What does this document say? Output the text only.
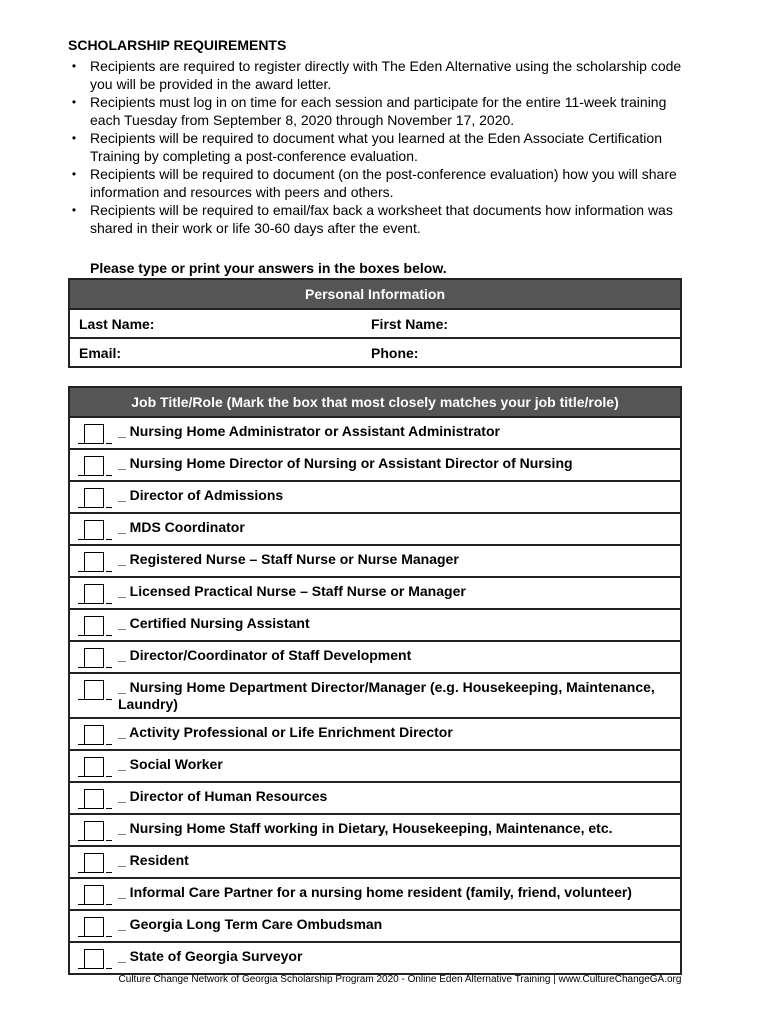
SCHOLARSHIP REQUIREMENTS
• Recipients are required to register directly with The Eden Alternative using the scholarship code you will be provided in the award letter.
• Recipients must log in on time for each session and participate for the entire 11-week training each Tuesday from September 8, 2020 through November 17, 2020.
• Recipients will be required to document what you learned at the Eden Associate Certification Training by completing a post-conference evaluation.
• Recipients will be required to document (on the post-conference evaluation) how you will share information and resources with peers and others.
• Recipients will be required to email/fax back a worksheet that documents how information was shared in their work or life 30-60 days after the event.
Please type or print your answers in the boxes below.
Personal Information	
Last Name:	First Name:
Email:	Phone:
Job Title/Role (Mark the box that most closely matches your job title/role)

_ Nursing Home Administrator or Assistant Administrator

_ Nursing Home Director of Nursing or Assistant Director of Nursing

_ Director of Admissions

_ MDS Coordinator

_ Registered Nurse – Staff Nurse or Nurse Manager

_ Licensed Practical Nurse – Staff Nurse or Manager

_ Certified Nursing Assistant

_ Director/Coordinator of Staff Development

_ Nursing Home Department Director/Manager (e.g. Housekeeping, Maintenance, Laundry)

_ Activity Professional or Life Enrichment Director

_ Social Worker

_ Director of Human Resources

_ Nursing Home Staff working in Dietary, Housekeeping, Maintenance, etc.

_ Resident

_ Informal Care Partner for a nursing home resident (family, friend, volunteer)

_ Georgia Long Term Care Ombudsman

_ State of Georgia Surveyor
Culture Change Network of Georgia Scholarship Program 2020 - Online Eden Alternative Training | www.CultureChangeGA.org
